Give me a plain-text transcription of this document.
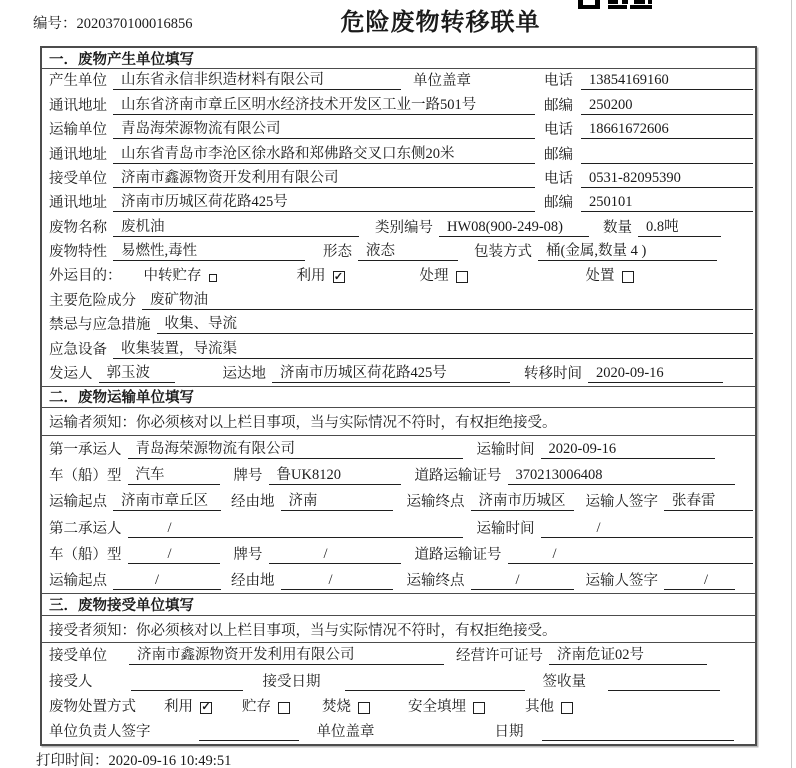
编号：2020370100016856	危险废物转移联单
一．废物产生单位填写
产生单位 山东省永信非织造材料有限公司	单位盖章	电话	13854169160
通讯地址 山东省济南市章丘区明水经济技术开发区工业一路501号	邮编	250200
运输单位 青岛海荣源物流有限公司	电话	18661672606
通讯地址 山东省青岛市李沧区徐水路和郑佛路交叉口东侧20米	邮编
接受单位 济南市鑫源物资开发利用有限公司	电话	0531-82095390
通讯地址 济南市历城区荷花路425号	邮编	250101
废物名称 废机油	类别编号 HW08(900-249-08)	数量 0.8吨
废物特性 易燃性,毒性	形态 液态	包装方式 桶(金属,数量 4 )
外运目的： 中转贮存	利用 ✓	处理	处置
主要危险成分 废矿物油
禁忌与应急措施 收集、导流
应急设备 收集装置，导流渠
发运人 郭玉波	运达地 济南市历城区荷花路425号	转移时间 2020-09-16
二．废物运输单位填写
运输者须知：你必须核对以上栏目事项，当与实际情况不符时，有权拒绝接受。
第一承运人 青岛海荣源物流有限公司	运输时间 2020-09-16
车（船）型 汽车	牌号 鲁UK8120	道路运输证号 370213006408
运输起点 济南市章丘区	经由地 济南	运输终点 济南市历城区	运输人签字 张春雷
第二承运人	/	运输时间	/
车（船）型	/	牌号	/	道路运输证号	/
运输起点	/	经由地	/	运输终点	/	运输人签字	/
三．废物接受单位填写
接受者须知：你必须核对以上栏目事项，当与实际情况不符时，有权拒绝接受。
接受单位	济南市鑫源物资开发利用有限公司	经营许可证号 济南危证02号
接受人	接受日期	签收量
废物处置方式 利用 ✓ 贮存	焚烧	安全填埋	其他
单位负责人签字	单位盖章	日期
打印时间：2020-09-16 10:49:51
